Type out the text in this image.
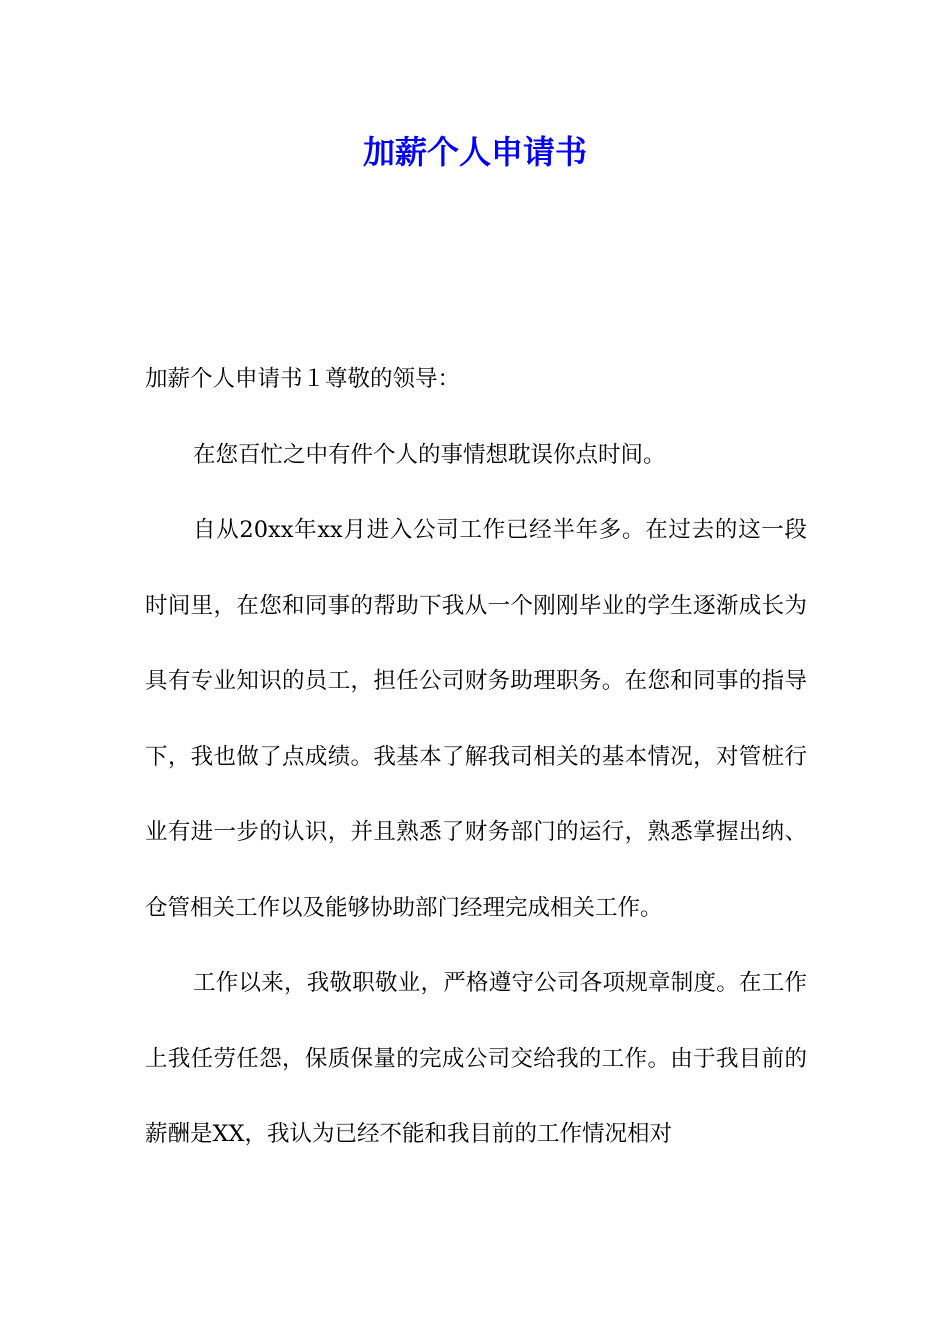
加薪个人申请书

加薪个人申请书１尊敬的领导：

在您百忙之中有件个人的事情想耽误你点时间。

自从20xx年xx月进入公司工作已经半年多。在过去的这一段时间里，在您和同事的帮助下我从一个刚刚毕业的学生逐渐成长为具有专业知识的员工，担任公司财务助理职务。在您和同事的指导下，我也做了点成绩。我基本了解我司相关的基本情况，对管桩行业有进一步的认识，并且熟悉了财务部门的运行，熟悉掌握出纳、仓管相关工作以及能够协助部门经理完成相关工作。

工作以来，我敬职敬业，严格遵守公司各项规章制度。在工作上我任劳任怨，保质保量的完成公司交给我的工作。由于我目前的薪酬是XX，我认为已经不能和我目前的工作情况相对
